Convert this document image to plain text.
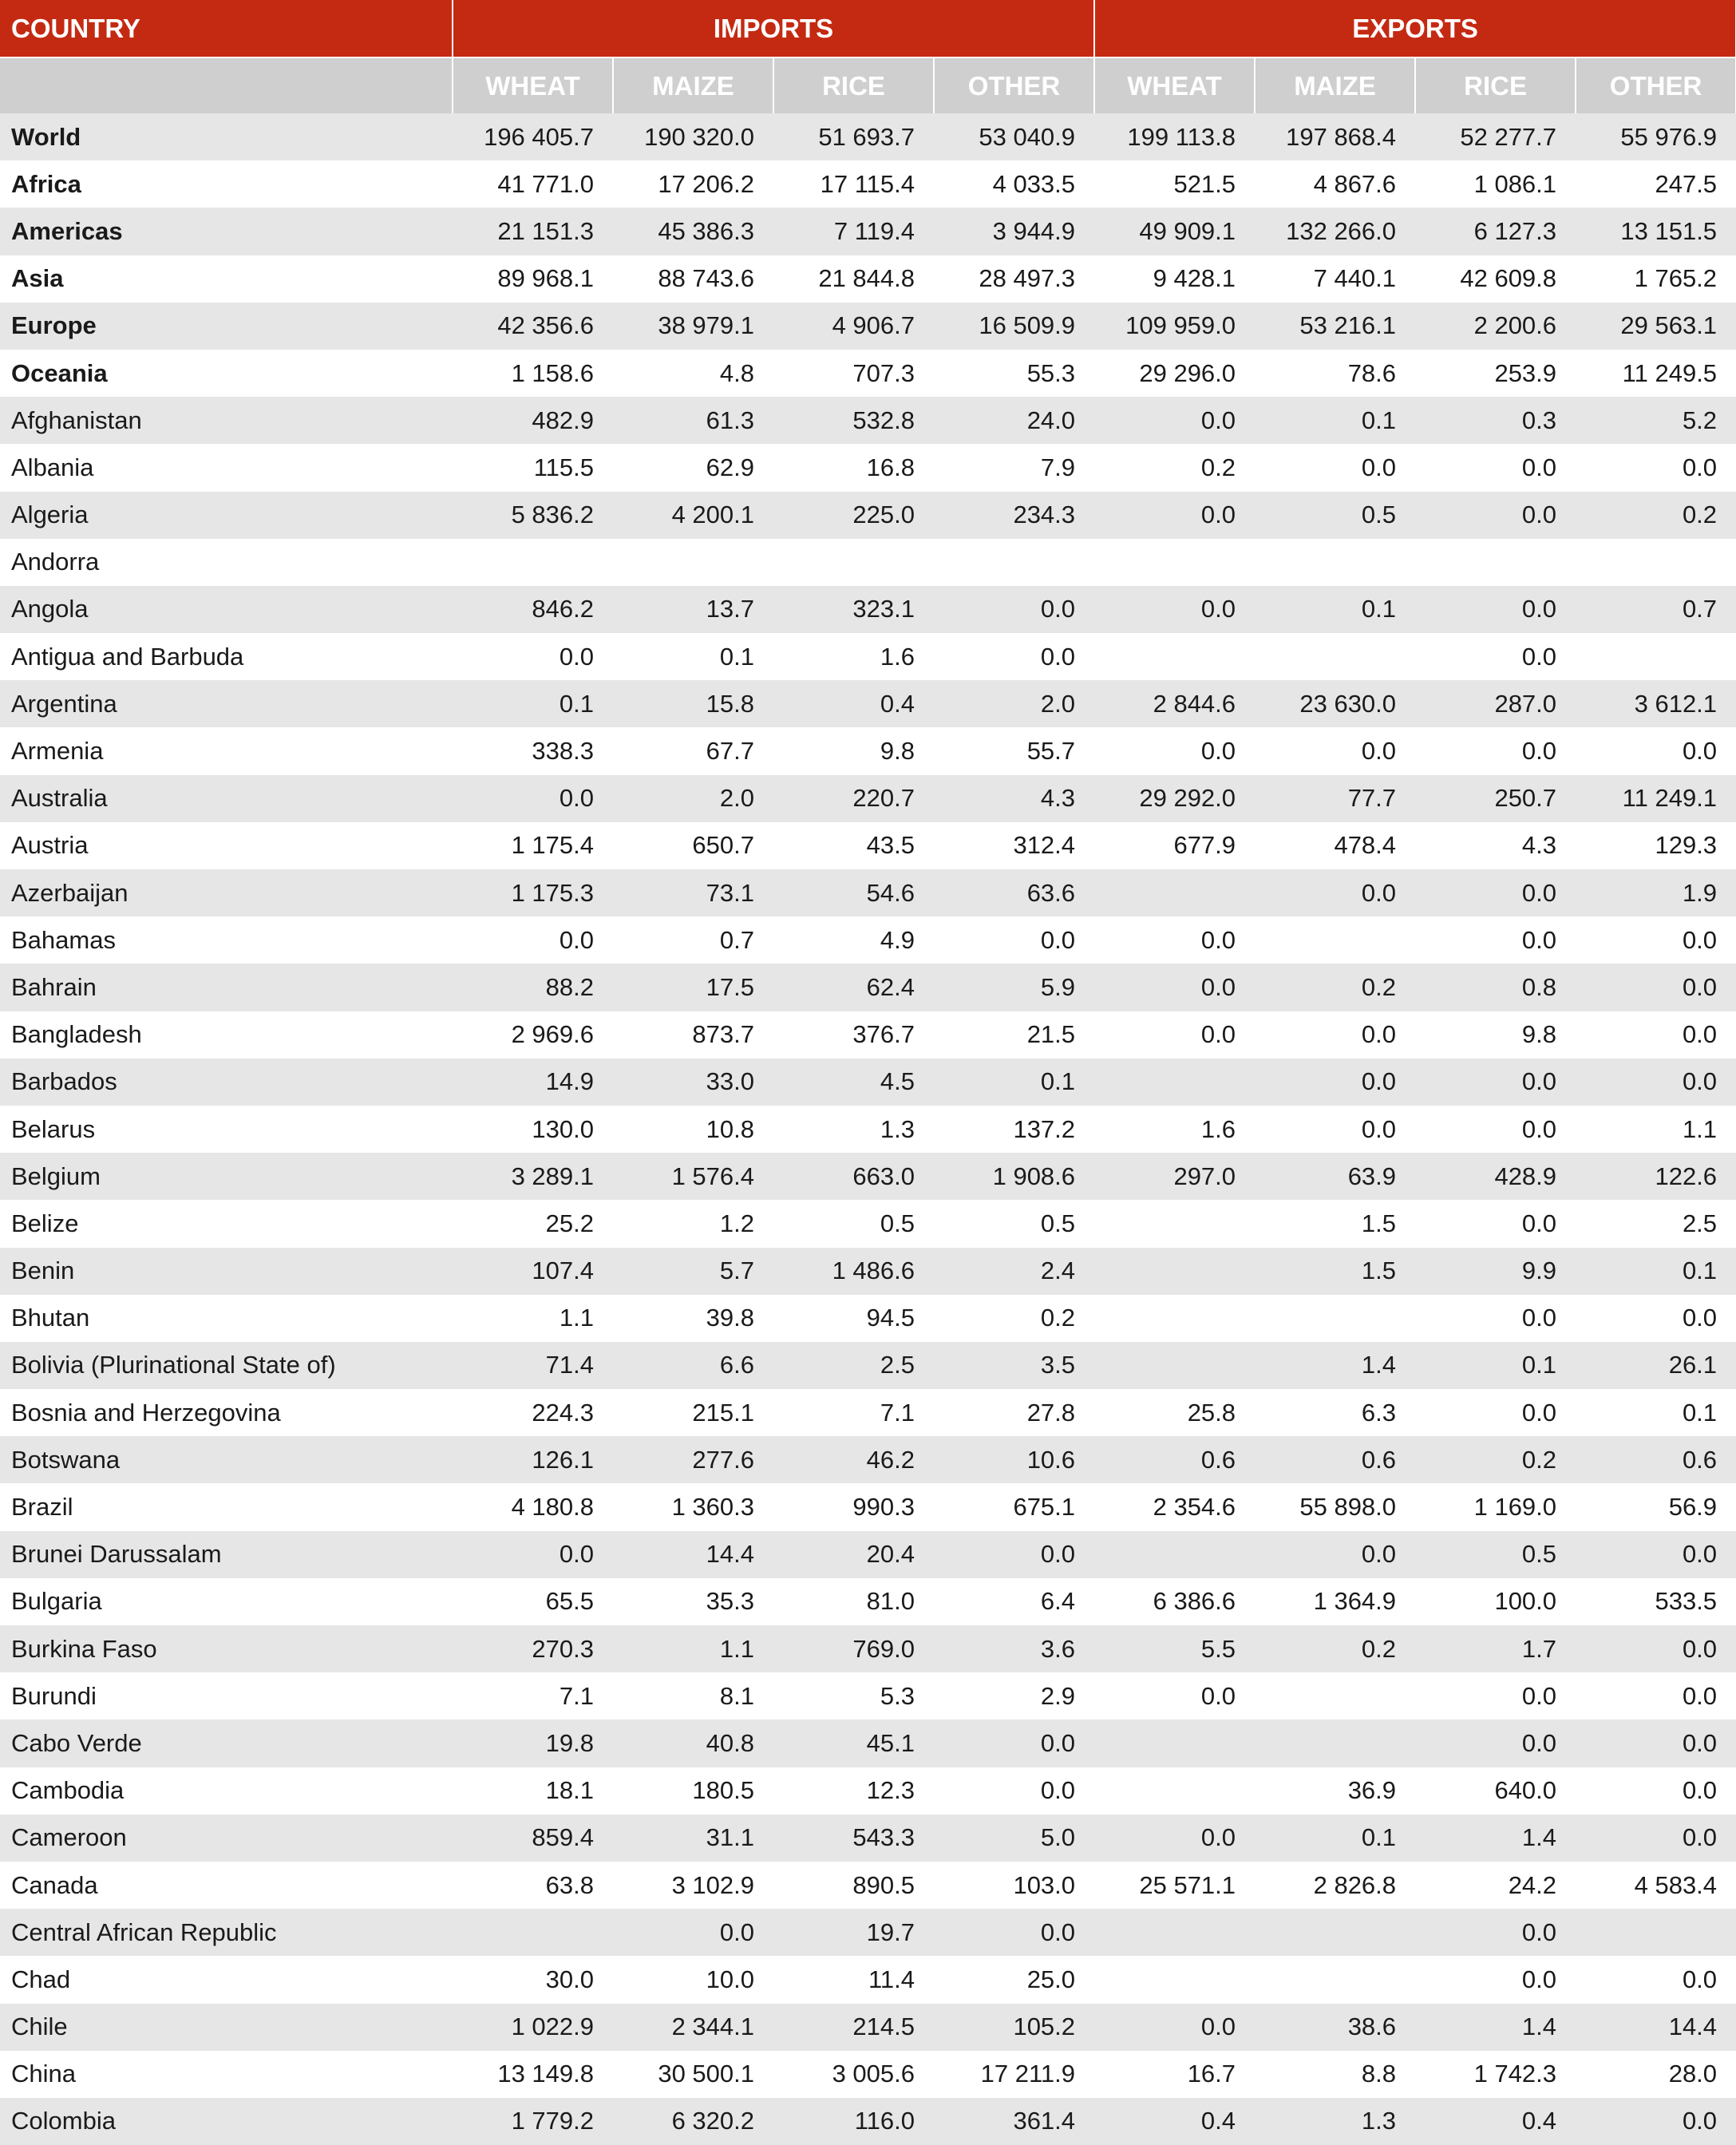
COUNTRY	IMPORTS				EXPORTS			
	WHEAT	MAIZE	RICE	OTHER	WHEAT	MAIZE	RICE	OTHER
World	196 405.7	190 320.0	51 693.7	53 040.9	199 113.8	197 868.4	52 277.7	55 976.9
Africa	41 771.0	17 206.2	17 115.4	4 033.5	521.5	4 867.6	1 086.1	247.5
Americas	21 151.3	45 386.3	7 119.4	3 944.9	49 909.1	132 266.0	6 127.3	13 151.5
Asia	89 968.1	88 743.6	21 844.8	28 497.3	9 428.1	7 440.1	42 609.8	1 765.2
Europe	42 356.6	38 979.1	4 906.7	16 509.9	109 959.0	53 216.1	2 200.6	29 563.1
Oceania	1 158.6	4.8	707.3	55.3	29 296.0	78.6	253.9	11 249.5
Afghanistan	482.9	61.3	532.8	24.0	0.0	0.1	0.3	5.2
Albania	115.5	62.9	16.8	7.9	0.2	0.0	0.0	0.0
Algeria	5 836.2	4 200.1	225.0	234.3	0.0	0.5	0.0	0.2
Andorra								
Angola	846.2	13.7	323.1	0.0	0.0	0.1	0.0	0.7
Antigua and Barbuda	0.0	0.1	1.6	0.0			0.0	
Argentina	0.1	15.8	0.4	2.0	2 844.6	23 630.0	287.0	3 612.1
Armenia	338.3	67.7	9.8	55.7	0.0	0.0	0.0	0.0
Australia	0.0	2.0	220.7	4.3	29 292.0	77.7	250.7	11 249.1
Austria	1 175.4	650.7	43.5	312.4	677.9	478.4	4.3	129.3
Azerbaijan	1 175.3	73.1	54.6	63.6		0.0	0.0	1.9
Bahamas	0.0	0.7	4.9	0.0	0.0		0.0	0.0
Bahrain	88.2	17.5	62.4	5.9	0.0	0.2	0.8	0.0
Bangladesh	2 969.6	873.7	376.7	21.5	0.0	0.0	9.8	0.0
Barbados	14.9	33.0	4.5	0.1		0.0	0.0	0.0
Belarus	130.0	10.8	1.3	137.2	1.6	0.0	0.0	1.1
Belgium	3 289.1	1 576.4	663.0	1 908.6	297.0	63.9	428.9	122.6
Belize	25.2	1.2	0.5	0.5		1.5	0.0	2.5
Benin	107.4	5.7	1 486.6	2.4		1.5	9.9	0.1
Bhutan	1.1	39.8	94.5	0.2			0.0	0.0
Bolivia (Plurinational State of)	71.4	6.6	2.5	3.5		1.4	0.1	26.1
Bosnia and Herzegovina	224.3	215.1	7.1	27.8	25.8	6.3	0.0	0.1
Botswana	126.1	277.6	46.2	10.6	0.6	0.6	0.2	0.6
Brazil	4 180.8	1 360.3	990.3	675.1	2 354.6	55 898.0	1 169.0	56.9
Brunei Darussalam	0.0	14.4	20.4	0.0		0.0	0.5	0.0
Bulgaria	65.5	35.3	81.0	6.4	6 386.6	1 364.9	100.0	533.5
Burkina Faso	270.3	1.1	769.0	3.6	5.5	0.2	1.7	0.0
Burundi	7.1	8.1	5.3	2.9	0.0		0.0	0.0
Cabo Verde	19.8	40.8	45.1	0.0			0.0	0.0
Cambodia	18.1	180.5	12.3	0.0		36.9	640.0	0.0
Cameroon	859.4	31.1	543.3	5.0	0.0	0.1	1.4	0.0
Canada	63.8	3 102.9	890.5	103.0	25 571.1	2 826.8	24.2	4 583.4
Central African Republic		0.0	19.7	0.0			0.0	
Chad	30.0	10.0	11.4	25.0			0.0	0.0
Chile	1 022.9	2 344.1	214.5	105.2	0.0	38.6	1.4	14.4
China	13 149.8	30 500.1	3 005.6	17 211.9	16.7	8.8	1 742.3	28.0
Colombia	1 779.2	6 320.2	116.0	361.4	0.4	1.3	0.4	0.0
